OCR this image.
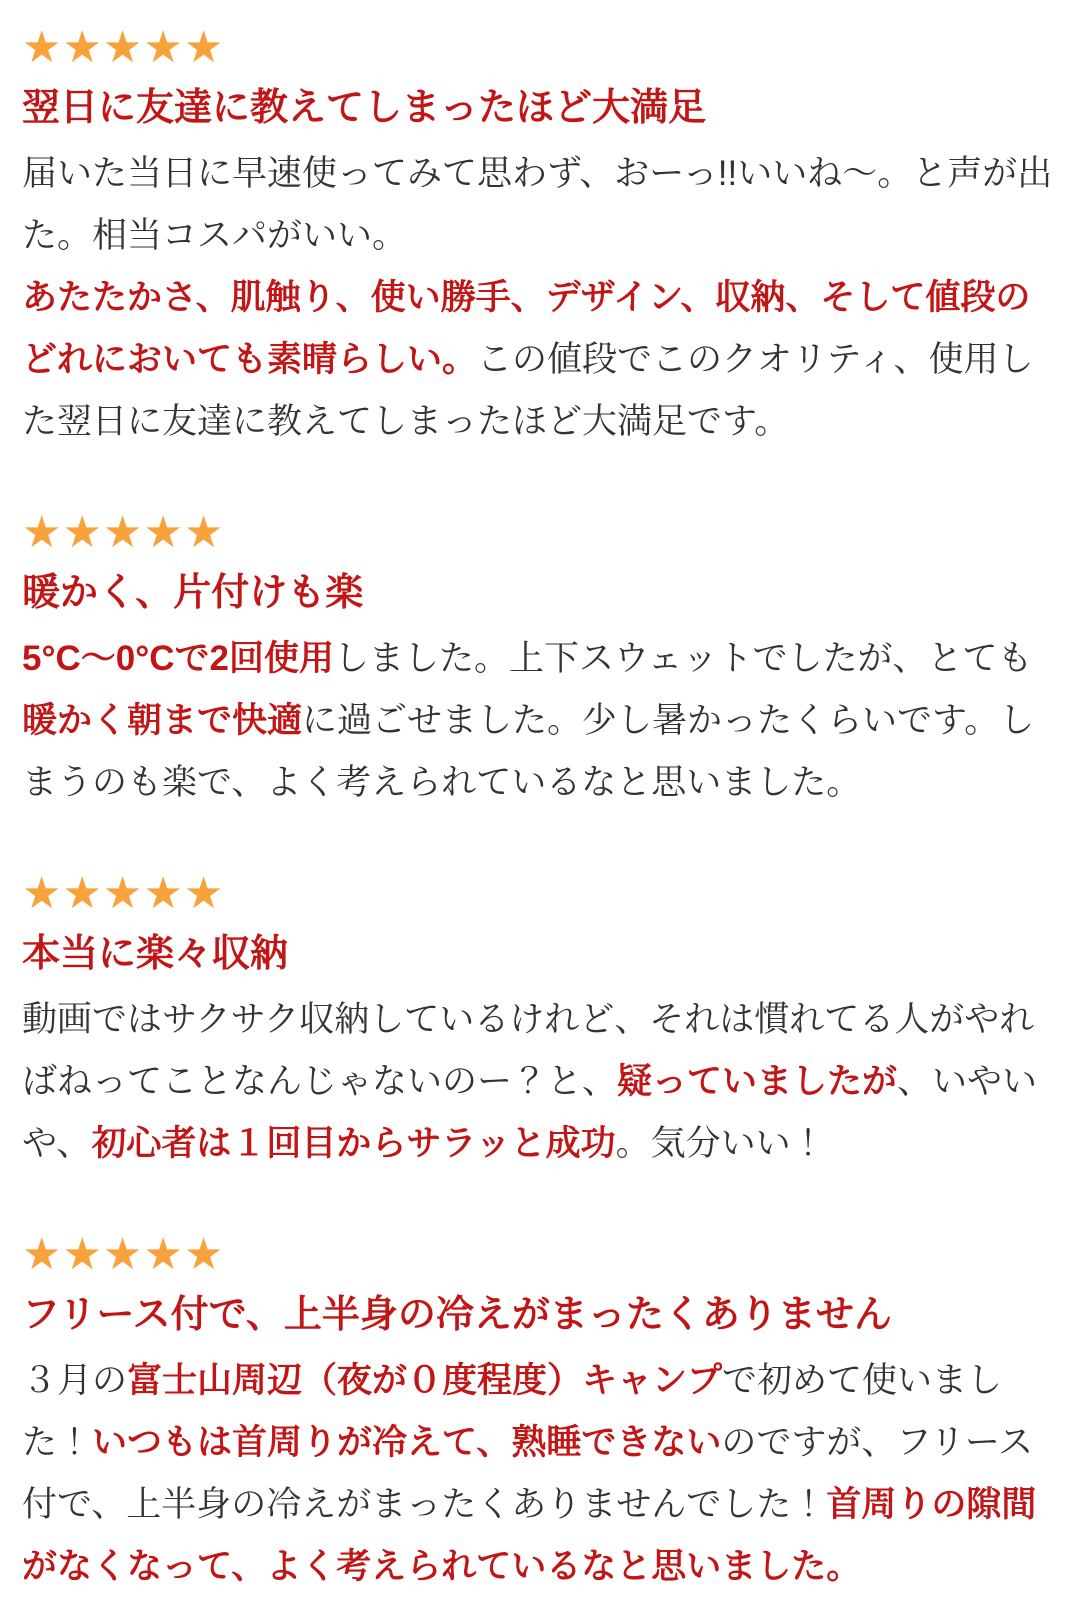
★★★★★
翌日に友達に教えてしまったほど大満足

届いた当日に早速使ってみて思わず、おーっ!!いいね〜。と声が出た。相当コスパがいい。
あたたかさ、肌触り、使い勝手、デザイン、収納、そして値段のどれにおいても素晴らしい。この値段でこのクオリティ、使用した翌日に友達に教えてしまったほど大満足です。

★★★★★
暖かく、片付けも楽

5°C〜0°Cで2回使用しました。上下スウェットでしたが、とても暖かく朝まで快適に過ごせました。少し暑かったくらいです。しまうのも楽で、よく考えられているなと思いました。

★★★★★
本当に楽々収納

動画ではサクサク収納しているけれど、それは慣れてる人がやればねってことなんじゃないのー？と、疑っていましたが、いやいや、初心者は１回目からサラッと成功。気分いい！

★★★★★
フリース付で、上半身の冷えがまったくありません

３月の富士山周辺（夜が０度程度）キャンプで初めて使いました！いつもは首周りが冷えて、熟睡できないのですが、フリース付で、上半身の冷えがまったくありませんでした！首周りの隙間がなくなって、よく考えられているなと思いました。
